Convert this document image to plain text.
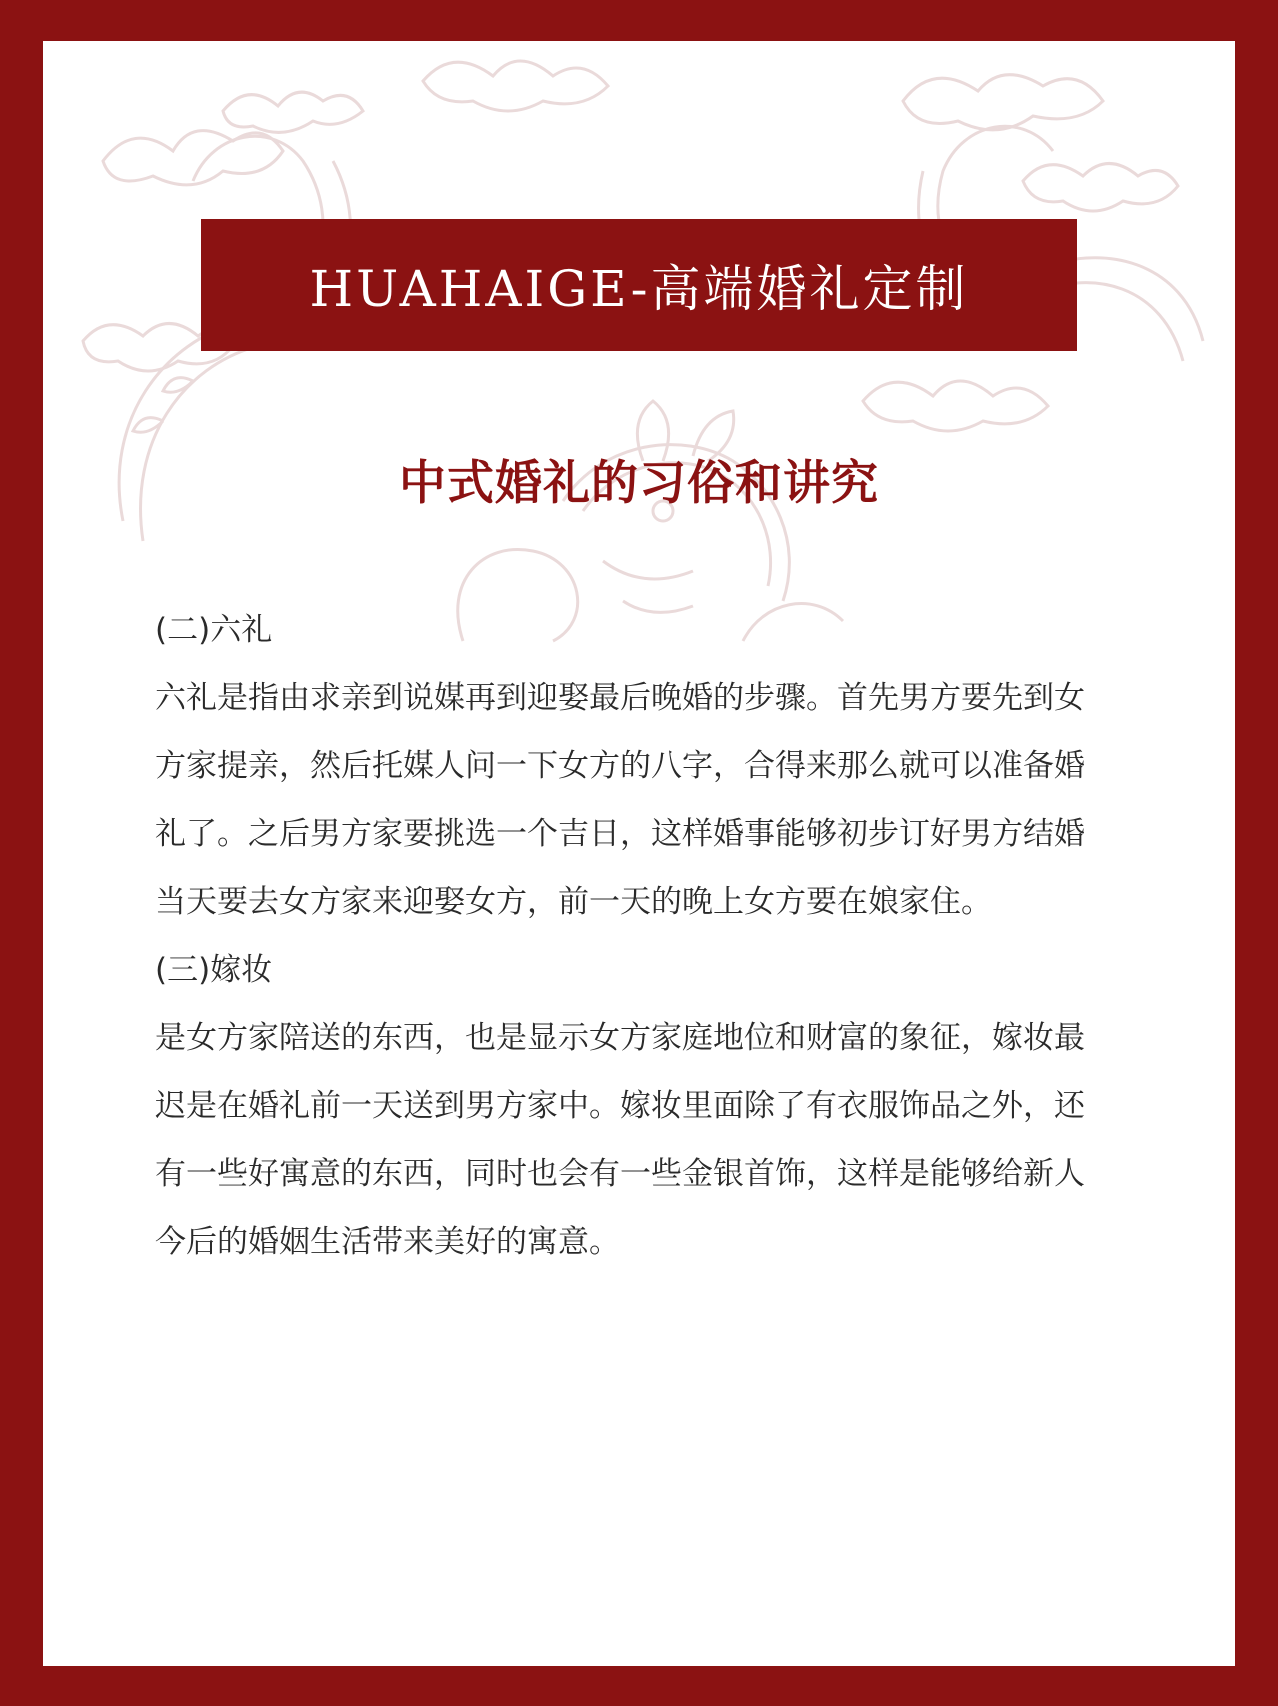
HUAHAIGE-高端婚礼定制
中式婚礼的习俗和讲究

(二)六礼

六礼是指由求亲到说媒再到迎娶最后晚婚的步骤。首先男方要先到女方家提亲，然后托媒人问一下女方的八字，合得来那么就可以准备婚礼了。之后男方家要挑选一个吉日，这样婚事能够初步订好男方结婚当天要去女方家来迎娶女方，前一天的晚上女方要在娘家住。

(三)嫁妆

是女方家陪送的东西，也是显示女方家庭地位和财富的象征，嫁妆最迟是在婚礼前一天送到男方家中。嫁妆里面除了有衣服饰品之外，还有一些好寓意的东西，同时也会有一些金银首饰，这样是能够给新人今后的婚姻生活带来美好的寓意。
